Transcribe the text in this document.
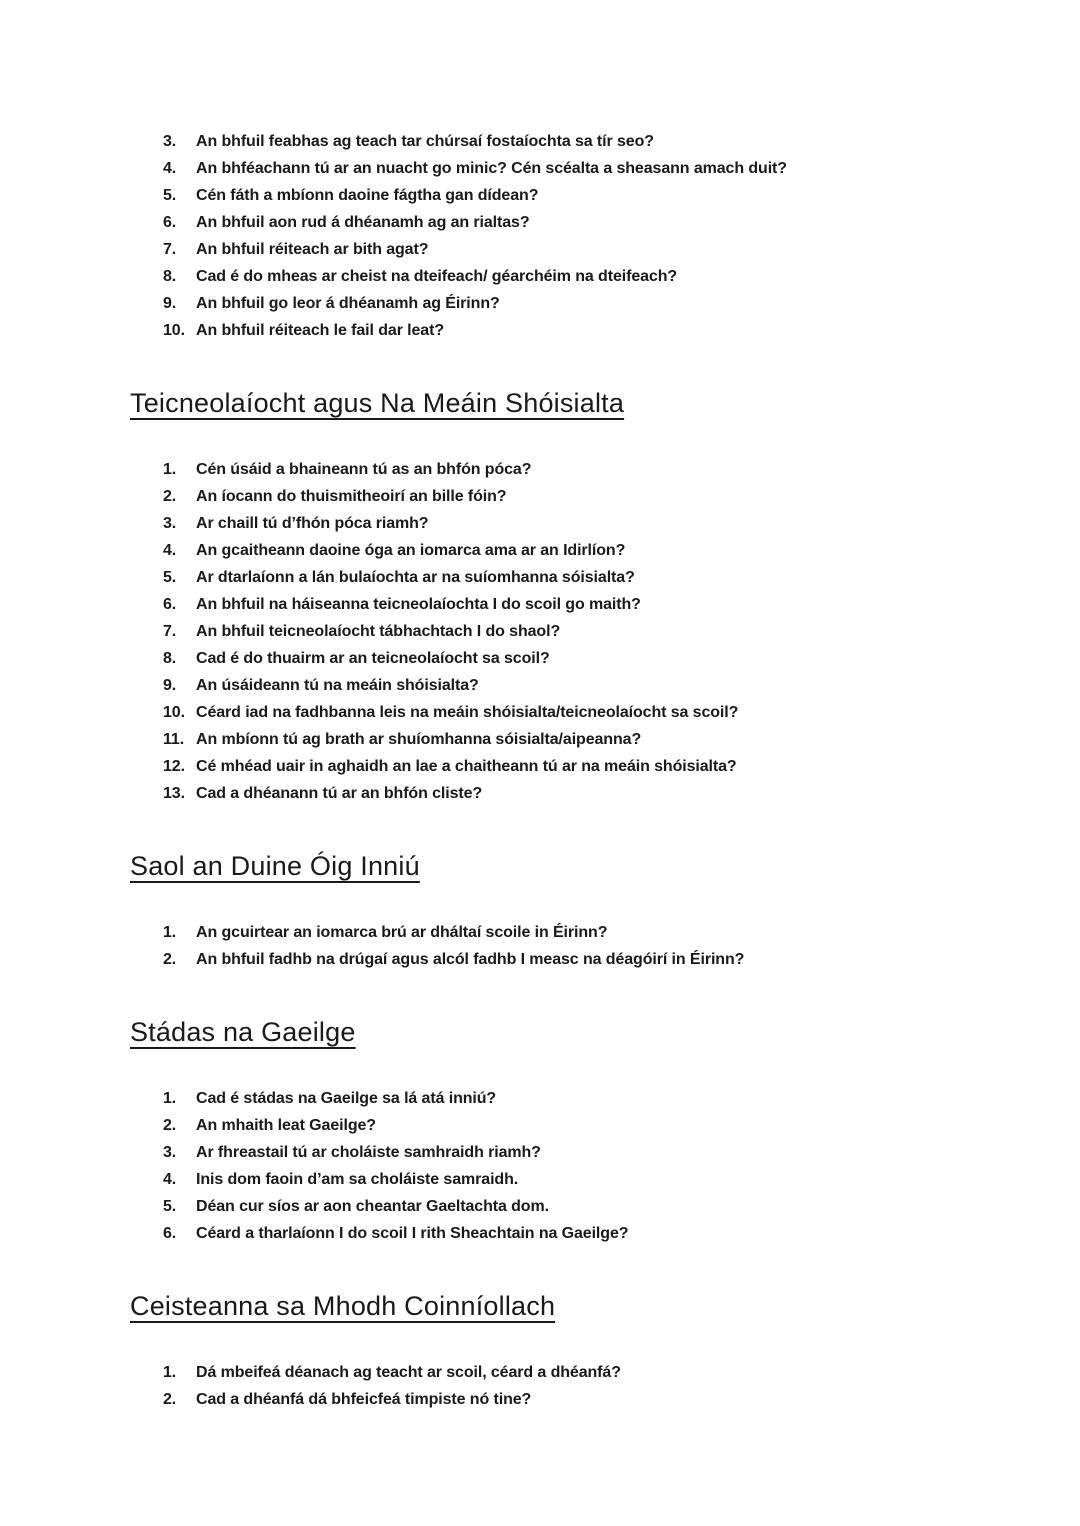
3. An bhfuil feabhas ag teach tar chúrsaí fostaíochta sa tír seo?
4. An bhféachann tú ar an nuacht go minic? Cén scéalta a sheasann amach duit?
5. Cén fáth a mbíonn daoine fágtha gan dídean?
6. An bhfuil aon rud á dhéanamh ag an rialtas?
7. An bhfuil réiteach ar bith agat?
8. Cad é do mheas ar cheist na dteifeach/ géarchéim na dteifeach?
9. An bhfuil go leor á dhéanamh ag Éirinn?
10. An bhfuil réiteach le fail dar leat?
Teicneolaíocht agus Na Meáin Shóisialta
1. Cén úsáid a bhaineann tú as an bhfón póca?
2. An íocann do thuismitheoirí an bille fóin?
3. Ar chaill tú d’fhón póca riamh?
4. An gcaitheann daoine óga an iomarca ama ar an Idirlíon?
5. Ar dtarlaíonn a lán bulaíochta ar na suíomhanna sóisialta?
6. An bhfuil na háiseanna teicneolaíochta I do scoil go maith?
7. An bhfuil teicneolaíocht tábhachtach I do shaol?
8. Cad é do thuairm ar an teicneolaíocht sa scoil?
9. An úsáideann tú na meáin shóisialta?
10. Céard iad na fadhbanna leis na meáin shóisialta/teicneolaíocht sa scoil?
11. An mbíonn tú ag brath ar shuíomhanna sóisialta/aipeanna?
12. Cé mhéad uair in aghaidh an lae a chaitheann tú ar na meáin shóisialta?
13. Cad a dhéanann tú ar an bhfón cliste?
Saol an Duine Óig Inniú
1. An gcuirtear an iomarca brú ar dháltaí scoile in Éirinn?
2. An bhfuil fadhb na drúgaí agus alcól fadhb I measc na déagóirí in Éirinn?
Stádas na Gaeilge
1. Cad é stádas na Gaeilge sa lá atá inniú?
2. An mhaith leat Gaeilge?
3. Ar fhreastail tú ar choláiste samhraidh riamh?
4. Inis dom faoin d’am sa choláiste samraidh.
5. Déan cur síos ar aon cheantar Gaeltachta dom.
6. Céard a tharlaíonn I do scoil I rith Sheachtain na Gaeilge?
Ceisteanna sa Mhodh Coinníollach
1. Dá mbeifeá déanach ag teacht ar scoil, céard a dhéanfá?
2. Cad a dhéanfá dá bhfeicfeá timpiste nó tine?
